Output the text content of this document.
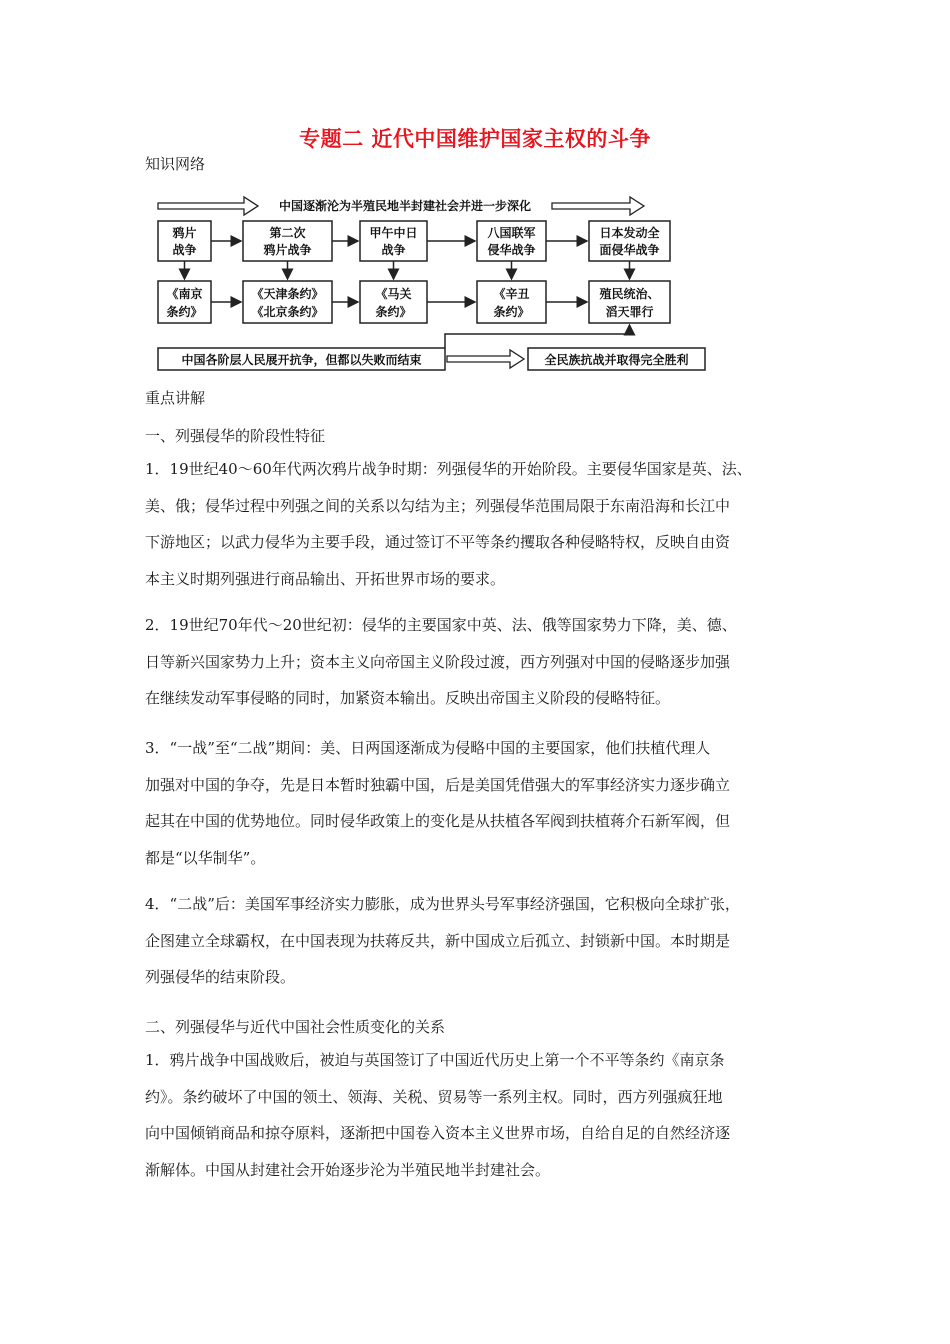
专题二 近代中国维护国家主权的斗争
知识网络
中国逐渐沦为半殖民地半封建社会并进一步深化
鸦片
战争
第二次
鸦片战争
甲午中日
战争
八国联军
侵华战争
日本发动全
面侵华战争
《南京
条约》
《天津条约》
《北京条约》
《马关
条约》
《辛丑
条约》
殖民统治、
滔天罪行
中国各阶层人民展开抗争，但都以失败而结束	全民族抗战并取得完全胜利
重点讲解
一、列强侵华的阶段性特征
1．19世纪40～60年代两次鸦片战争时期：列强侵华的开始阶段。主要侵华国家是英、法、
美、俄；侵华过程中列强之间的关系以勾结为主；列强侵华范围局限于东南沿海和长江中
下游地区；以武力侵华为主要手段，通过签订不平等条约攫取各种侵略特权，反映自由资
本主义时期列强进行商品输出、开拓世界市场的要求。
2．19世纪70年代～20世纪初：侵华的主要国家中英、法、俄等国家势力下降，美、德、
日等新兴国家势力上升；资本主义向帝国主义阶段过渡，西方列强对中国的侵略逐步加强
在继续发动军事侵略的同时，加紧资本输出。反映出帝国主义阶段的侵略特征。
3．“一战”至“二战”期间：美、日两国逐渐成为侵略中国的主要国家，他们扶植代理人
加强对中国的争夺，先是日本暂时独霸中国，后是美国凭借强大的军事经济实力逐步确立
起其在中国的优势地位。同时侵华政策上的变化是从扶植各军阀到扶植蒋介石新军阀，但
都是“以华制华”。
4．“二战”后：美国军事经济实力膨胀，成为世界头号军事经济强国，它积极向全球扩张，
企图建立全球霸权，在中国表现为扶蒋反共，新中国成立后孤立、封锁新中国。本时期是
列强侵华的结束阶段。
二、列强侵华与近代中国社会性质变化的关系
1．鸦片战争中国战败后，被迫与英国签订了中国近代历史上第一个不平等条约《南京条
约》。条约破坏了中国的领土、领海、关税、贸易等一系列主权。同时，西方列强疯狂地
向中国倾销商品和掠夺原料，逐渐把中国卷入资本主义世界市场，自给自足的自然经济逐
渐解体。中国从封建社会开始逐步沦为半殖民地半封建社会。
